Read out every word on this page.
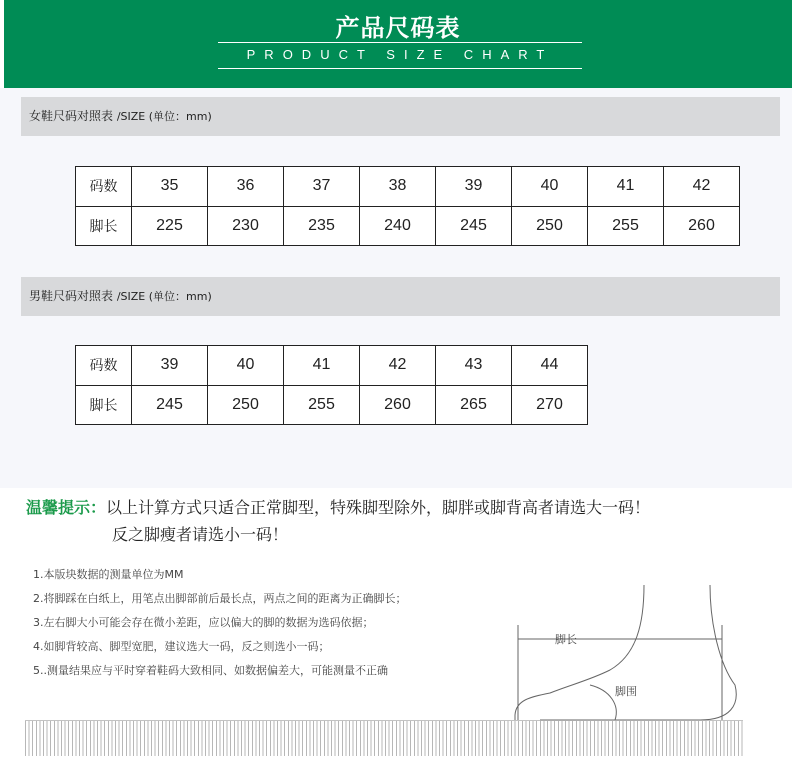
产品尺码表
PRODUCT SIZE CHART
女鞋尺码对照表 /SIZE (单位：mm)
码数	35	36	37	38	39	40	41	42
脚长	225	230	235	240	245	250	255	260
男鞋尺码对照表 /SIZE (单位：mm)
码数	39	40	41	42	43	44
脚长	245	250	255	260	265	270
温馨提示：以上计算方式只适合正常脚型，特殊脚型除外，脚胖或脚背高者请选大一码！
反之脚瘦者请选小一码！
1.本版块数据的测量单位为MM
2.将脚踩在白纸上，用笔点出脚部前后最长点，两点之间的距离为正确脚长；
3.左右脚大小可能会存在微小差距，应以偏大的脚的数据为选码依据；
4.如脚背较高、脚型宽肥，建议选大一码，反之则选小一码；
5..测量结果应与平时穿着鞋码大致相同、如数据偏差大，可能测量不正确
脚长
脚围
